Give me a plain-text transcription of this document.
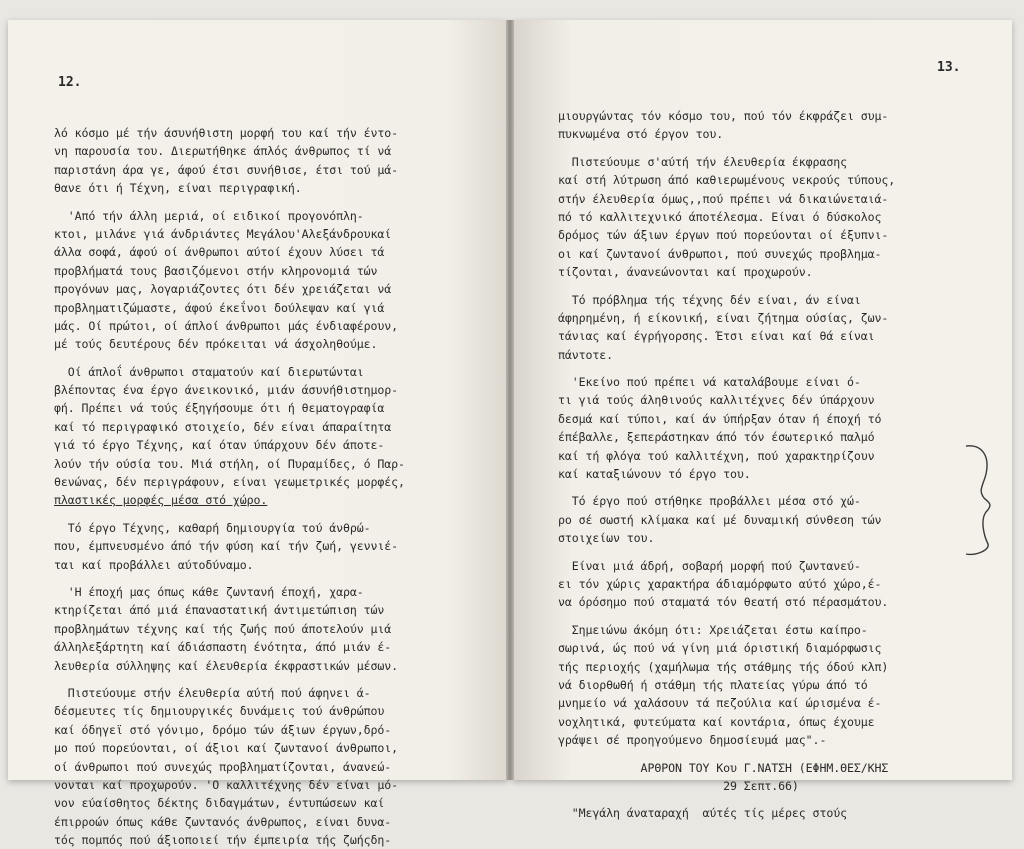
12.
λό κόσμο μέ τήν άσυνήθιστη μορφή του καί τήν έντο-
νη παρουσία του. Διερωτήθηκε άπλός άνθρωπος τί νά
παριστάνη άρα γε, άφού έτσι συνήθισε, έτσι τού μά-
θανε ότι ή Τέχνη, είναι περιγραφική.
'Από τήν άλλη μεριά, οί ειδικοί προγονόπλη-
κτοι, μιλάνε γιά άνδριάντες Μεγάλου'Αλεξάνδρουκαί
άλλα σοφά, άφού οί άνθρωποι αύτοί έχουν λύσει τά
προβλήματά τους βασιζόμενοι στήν κληρονομιά τών
προγόνων μας, λογαριάζοντες ότι δέν χρειάζεται νά
προβληματιζώμαστε, άφού έκεΐνοι δούλεψαν καί γιά
μάς. Οί πρώτοι, οί άπλοί άνθρωποι μάς ένδιαφέρουν,
μέ τούς δευτέρους δέν πρόκειται νά άσχοληθούμε.
Οί άπλοΐ άνθρωποι σταματούν καί διερωτώνται
βλέποντας ένα έργο άνεικονικό, μιάν άσυνήθιστημορ-
φή. Πρέπει νά τούς έξηγήσουμε ότι ή θεματογραφία
καί τό περιγραφικό στοιχείο, δέν είναι άπαραίτητα
γιά τό έργο Τέχνης, καί όταν ύπάρχουν δέν άποτε-
λούν τήν ούσία του. Μιά στήλη, οί Πυραμίδες, ό Παρ-
θενώνας, δέν περιγράφουν, είναι γεωμετρικές μορφές,
πλαστικές μορφές μέσα στό χώρο.
Τό έργο Τέχνης, καθαρή δημιουργία τού άνθρώ-
που, έμπνευσμένο άπό τήν φύση καί τήν ζωή, γεννιέ-
ται καί προβάλλει αύτοδύναμο.
'Η έποχή μας όπως κάθε ζωντανή έποχή, χαρα-
κτηρίζεται άπό μιά έπαναστατική άντιμετώπιση τών
προβλημάτων τέχνης καί τής ζωής πού άποτελούν μιά
άλληλεξάρτητη καί άδιάσπαστη ένότητα, άπό μιάν έ-
λευθερία σύλληψης καί έλευθερία έκφραστικών μέσων.
Πιστεύουμε στήν έλευθερία αύτή πού άφηνει ά-
δέσμευτες τίς δημιουργικές δυνάμεις τού άνθρώπου
καί όδηγεϊ στό γόνιμο, δρόμο τών άξιων έργων,δρό-
μο πού πορεύονται, οί άξιοι καί ζωντανοί άνθρωποι,
οί άνθρωποι πού συνεχώς προβληματίζονται, άνανεώ-
νονται καί προχωρούν. 'Ο καλλιτέχνης δέν είναι μό-
νον εύαίσθητος δέκτης διδαγμάτων, έντυπώσεων καί
έπιρροών όπως κάθε ζωντανός άνθρωπος, είναι δυνα-
τός πομπός πού άξιοποιεί τήν έμπειρία τής ζωήςδη-
13.
μιουργώντας τόν κόσμο του, πού τόν έκφράζει συμ-
πυκνωμένα στό έργον του.
Πιστεύουμε σ'αύτή τήν έλευθερία έκφρασης
καί στή λύτρωση άπό καθιερωμένους νεκρούς τύπους,
στήν έλευθερία όμως,,πού πρέπει νά δικαιώνεταιά-
πό τό καλλιτεχνικό άποτέλεσμα. Είναι ό δύσκολος
δρόμος τών άξιων έργων πού πορεύονται οί έξυπνι-
οι καί ζωντανοί άνθρωποι, πού συνεχώς προβλημα-
τίζονται, άνανεώνονται καί προχωρούν.
Τό πρόβλημα τής τέχνης δέν είναι, άν είναι
άφηρημένη, ή είκονική, είναι ζήτημα ούσίας, ζων-
τάνιας καί έγρήγορσης. Έτσι είναι καί θά είναι
πάντοτε.
'Εκείνο πού πρέπει νά καταλάβουμε είναι ό-
τι γιά τούς άληθινούς καλλιτέχνες δέν ύπάρχουν
δεσμά καί τύποι, καί άν ύπήρξαν όταν ή έποχή τό
έπέβαλλε, ξεπεράστηκαν άπό τόν έσωτερικό παλμό
καί τή φλόγα τού καλλιτέχνη, πού χαρακτηρίζουν
καί καταξιώνουν τό έργο του.
Τό έργο πού στήθηκε προβάλλει μέσα στό χώ-
ρο σέ σωστή κλίμακα καί μέ δυναμική σύνθεση τών
στοιχείων του.
Είναι μιά άδρή, σοβαρή μορφή πού ζωντανεύ-
ει τόν χώρις χαρακτήρα άδιαμόρφωτο αύτό χώρο,έ-
να όρόσημο πού σταματά τόν θεατή στό πέρασμάτου.
Σημειώνω άκόμη ότι: Χρειάζεται έστω καίπρο-
σωρινά, ώς πού νά γίνη μιά όριστική διαμόρφωσις
τής περιοχής (χαμήλωμα τής στάθμης τής όδού κλπ)
νά διορθωθή ή στάθμη τής πλατείας γύρω άπό τό
μνημείο νά χαλάσουν τά πεζούλια καί ώρισμένα έ-
νοχλητικά, φυτεύματα καί κοντάρια, όπως έχουμε
γράψει σέ προηγούμενο δημοσίευμά μας".-
ΑΡΘΡΟΝ ΤΟΥ Κου Γ.ΝΑΤΣΗ (ΕΦΗΜ.ΘΕΣ/ΚΗΣ
29 Σεπτ.66)
"Μεγάλη άναταραχή  αύτές τίς μέρες στούς
